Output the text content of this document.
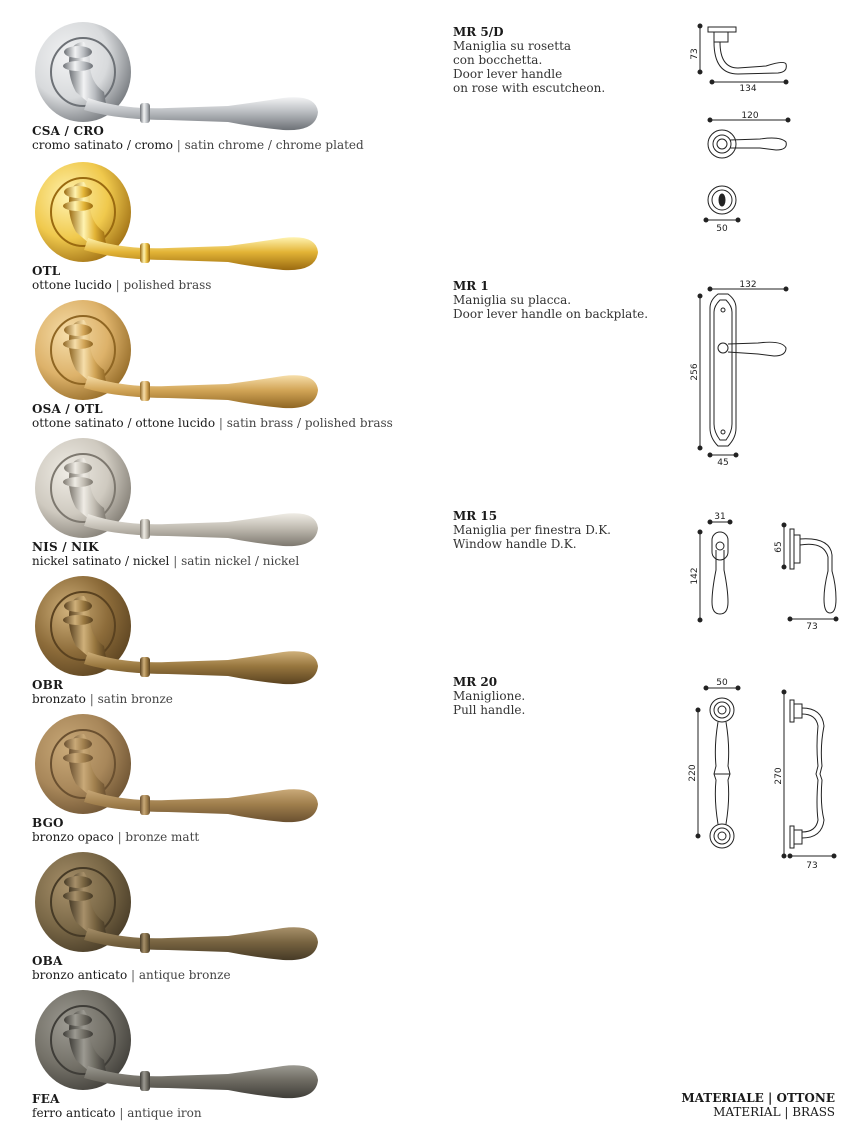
CSA / CRO
cromo satinato / cromo | satin chrome / chrome plated
OTL
ottone lucido | polished brass
OSA / OTL
ottone satinato / ottone lucido | satin brass / polished brass
NIS / NIK
nickel satinato / nickel | satin nickel / nickel
OBR
bronzato | satin bronze
BGO
bronzo opaco | bronze matt
OBA
bronzo anticato | antique bronze
FEA
ferro anticato | antique iron
MR 5/D
Maniglia su rosetta
con bocchetta.
Door lever handle
on rose with escutcheon.
MR 1
Maniglia su placca.
Door lever handle on backplate.
MR 15
Maniglia per finestra D.K.
Window handle D.K.
MR 20
Maniglione.
Pull handle.
73
134
120
50
132
256
45
31
142
65
73
50
220	270
73
MATERIALE | OTTONE
MATERIAL | BRASS
